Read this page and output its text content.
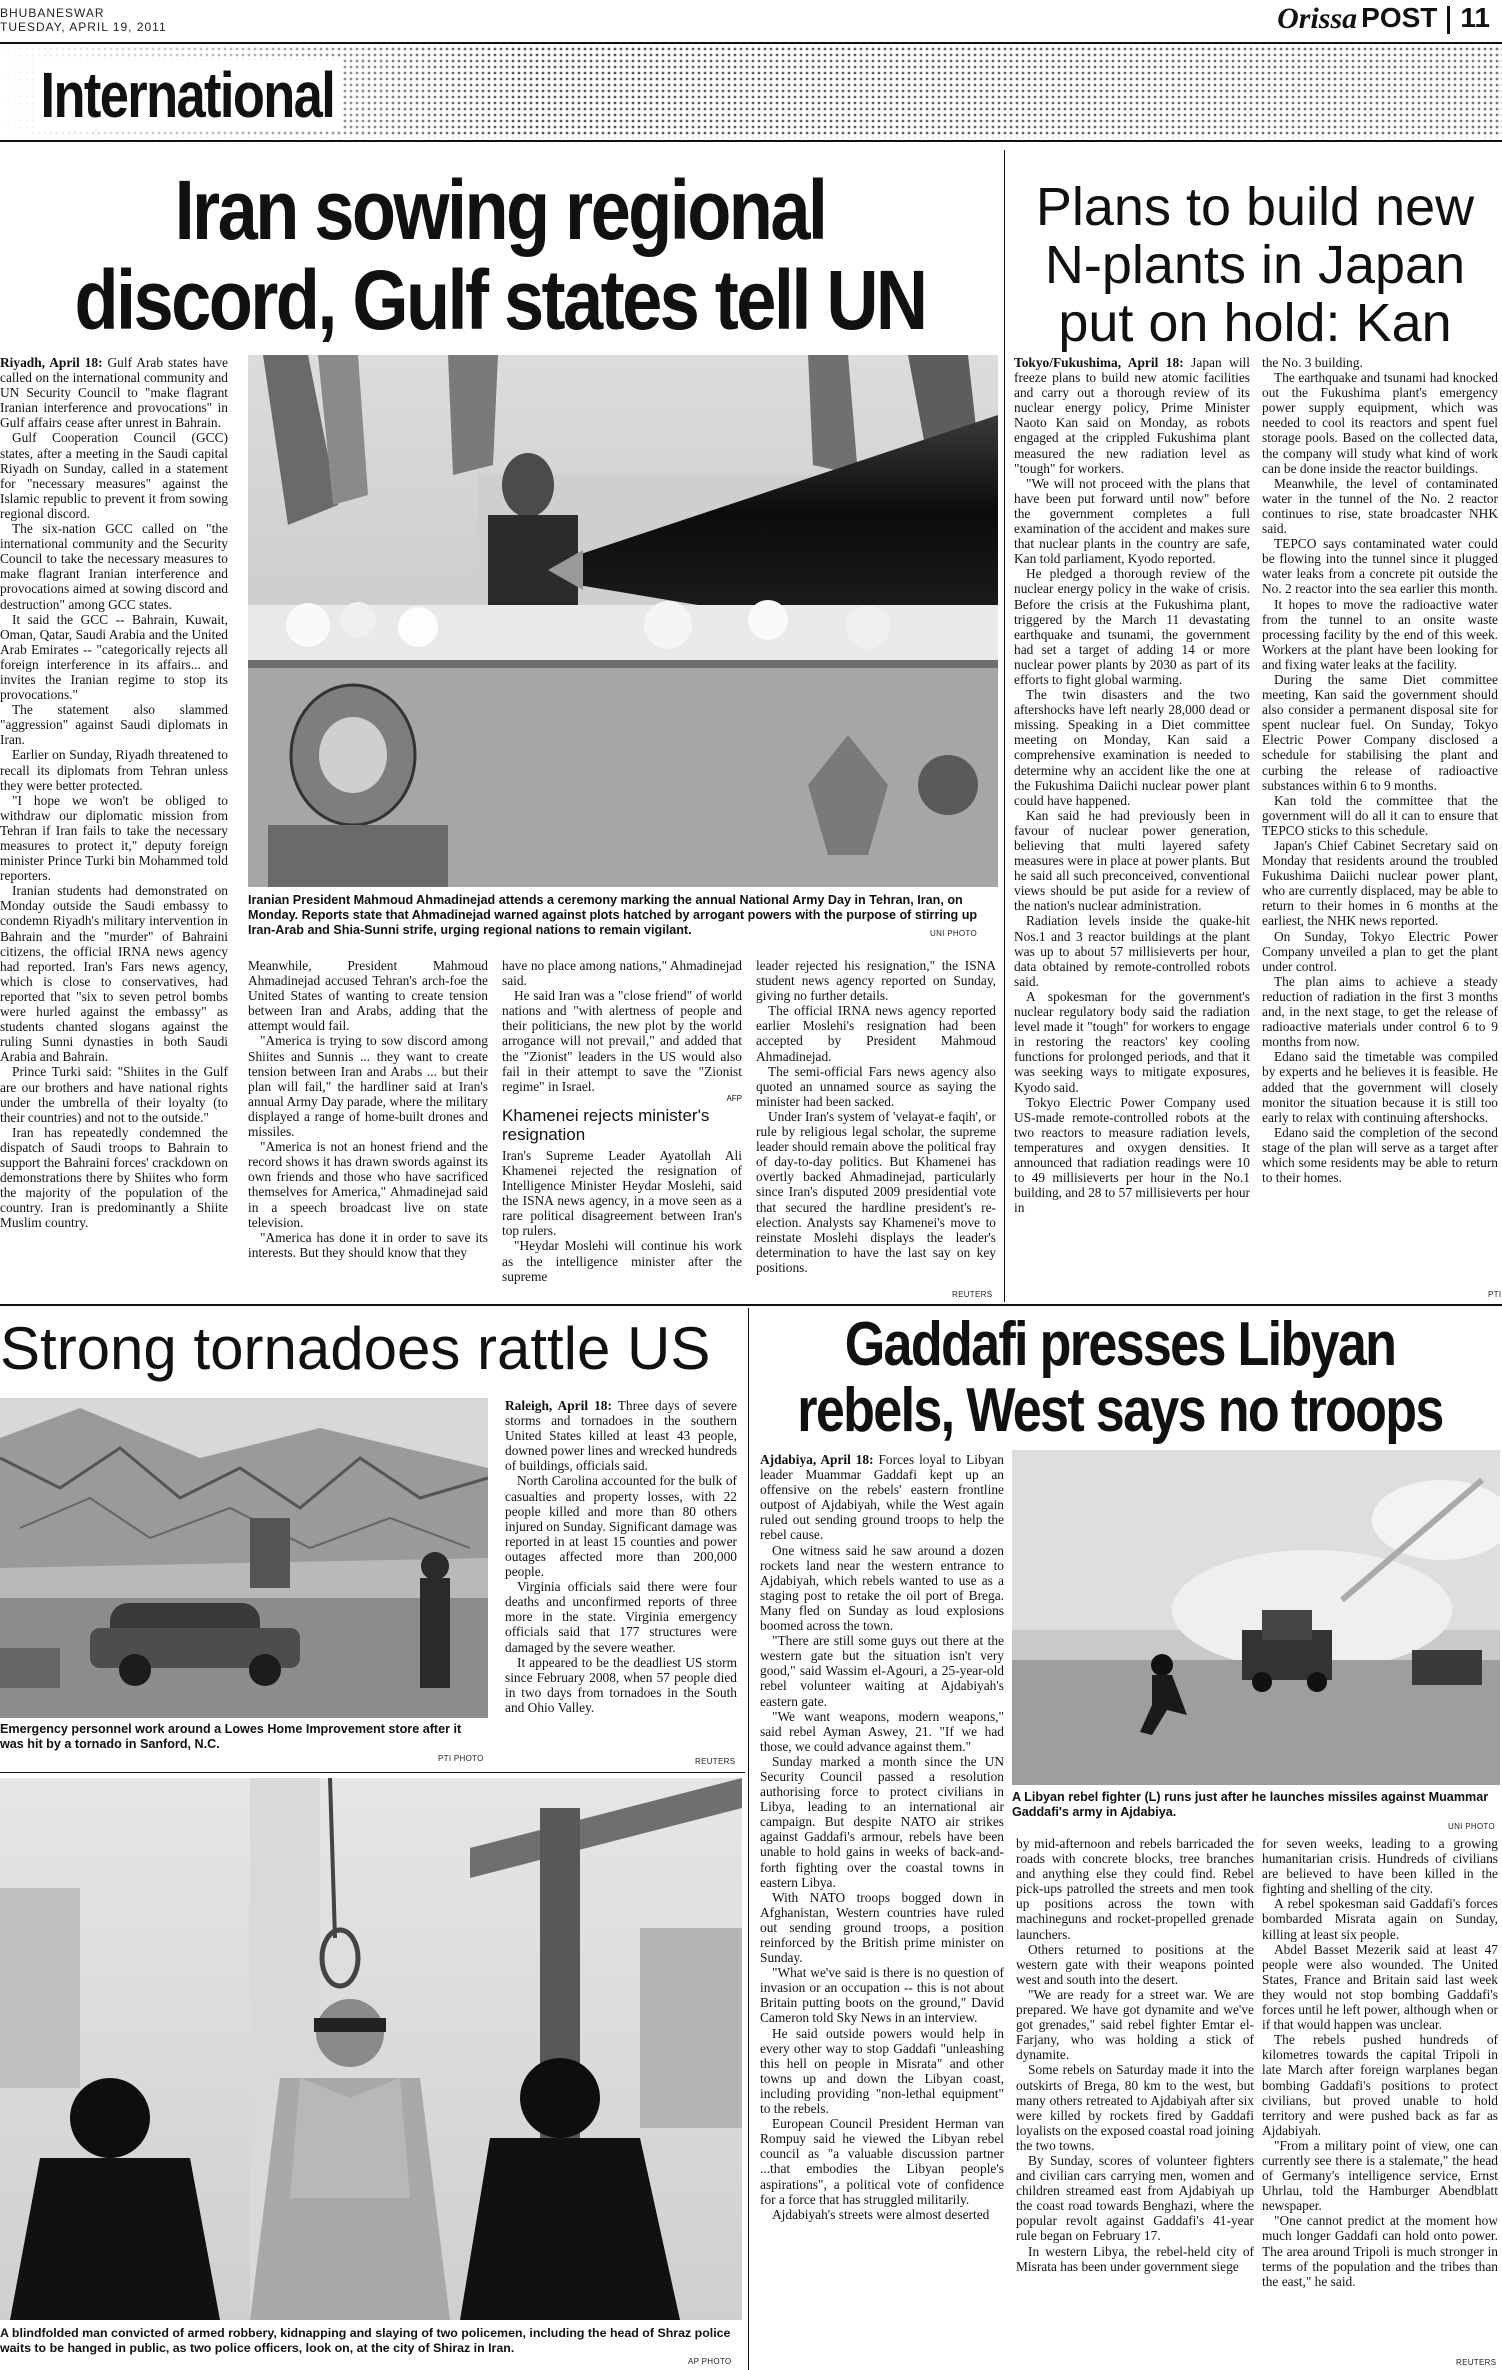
BHUBANESWAR
TUESDAY, APRIL 19, 2011	Orissa POST 11
International
Iran sowing regional
discord, Gulf states tell UN

Riyadh, April 18: Gulf Arab states have called on the international community and UN Security Council to "make flagrant Iranian interference and provocations" in Gulf affairs cease after unrest in Bahrain.

Gulf Cooperation Council (GCC) states, after a meeting in the Saudi capital Riyadh on Sunday, called in a statement for "necessary measures" against the Islamic republic to prevent it from sowing regional discord.

The six-nation GCC called on "the international community and the Security Council to take the necessary measures to make flagrant Iranian interference and provocations aimed at sowing discord and destruction" among GCC states.

It said the GCC -- Bahrain, Kuwait, Oman, Qatar, Saudi Arabia and the United Arab Emirates -- "categorically rejects all foreign interference in its affairs... and invites the Iranian regime to stop its provocations."

The statement also slammed "aggression" against Saudi diplomats in Iran.

Earlier on Sunday, Riyadh threatened to recall its diplomats from Tehran unless they were better protected.

"I hope we won't be obliged to withdraw our diplomatic mission from Tehran if Iran fails to take the necessary measures to protect it," deputy foreign minister Prince Turki bin Mohammed told reporters.

Iranian students had demonstrated on Monday outside the Saudi embassy to condemn Riyadh's military intervention in Bahrain and the "murder" of Bahraini citizens, the official IRNA news agency had reported. Iran's Fars news agency, which is close to conservatives, had reported that "six to seven petrol bombs were hurled against the embassy" as students chanted slogans against the ruling Sunni dynasties in both Saudi Arabia and Bahrain.

Prince Turki said: "Shiites in the Gulf are our brothers and have national rights under the umbrella of their loyalty (to their countries) and not to the outside."

Iran has repeatedly condemned the dispatch of Saudi troops to Bahrain to support the Bahraini forces' crackdown on demonstrations there by Shiites who form the majority of the population of the country. Iran is predominantly a Shiite Muslim country.

Iranian President Mahmoud Ahmadinejad attends a ceremony marking the annual National Army Day in Tehran, Iran, on Monday. Reports state that Ahmadinejad warned against plots hatched by arrogant powers with the purpose of stirring up Iran-Arab and Shia-Sunni strife, urging regional nations to remain vigilant.	UNI PHOTO

Meanwhile, President Mahmoud Ahmadinejad accused Tehran's arch-foe the United States of wanting to create tension between Iran and Arabs, adding that the attempt would fail.

"America is trying to sow discord among Shiites and Sunnis ... they want to create tension between Iran and Arabs ... but their plan will fail," the hardliner said at Iran's annual Army Day parade, where the military displayed a range of home-built drones and missiles.

"America is not an honest friend and the record shows it has drawn swords against its own friends and those who have sacrificed themselves for America," Ahmadinejad said in a speech broadcast live on state television.

"America has done it in order to save its interests. But they should know that they

have no place among nations," Ahmadinejad said.

He said Iran was a "close friend" of world nations and "with alertness of people and their politicians, the new plot by the world arrogance will not prevail," and added that the "Zionist" leaders in the US would also fail in their attempt to save the "Zionist regime" in Israel.

AFP
Khamenei rejects minister's resignation

Iran's Supreme Leader Ayatollah Ali Khamenei rejected the resignation of Intelligence Minister Heydar Moslehi, said the ISNA news agency, in a move seen as a rare political disagreement between Iran's top rulers.

"Heydar Moslehi will continue his work as the intelligence minister after the supreme

leader rejected his resignation," the ISNA student news agency reported on Sunday, giving no further details.

The official IRNA news agency reported earlier Moslehi's resignation had been accepted by President Mahmoud Ahmadinejad.

The semi-official Fars news agency also quoted an unnamed source as saying the minister had been sacked.

Under Iran's system of 'velayat-e faqih', or rule by religious legal scholar, the supreme leader should remain above the political fray of day-to-day politics. But Khamenei has overtly backed Ahmadinejad, particularly since Iran's disputed 2009 presidential vote that secured the hardline president's re-election. Analysts say Khamenei's move to reinstate Moslehi displays the leader's determination to have the last say on key positions.

REUTERS
Plans to build new
N-plants in Japan
put on hold: Kan

Tokyo/Fukushima, April 18: Japan will freeze plans to build new atomic facilities and carry out a thorough review of its nuclear energy policy, Prime Minister Naoto Kan said on Monday, as robots engaged at the crippled Fukushima plant measured the new radiation level as "tough" for workers.

"We will not proceed with the plans that have been put forward until now" before the government completes a full examination of the accident and makes sure that nuclear plants in the country are safe, Kan told parliament, Kyodo reported.

He pledged a thorough review of the nuclear energy policy in the wake of crisis. Before the crisis at the Fukushima plant, triggered by the March 11 devastating earthquake and tsunami, the government had set a target of adding 14 or more nuclear power plants by 2030 as part of its efforts to fight global warming.

The twin disasters and the two aftershocks have left nearly 28,000 dead or missing. Speaking in a Diet committee meeting on Monday, Kan said a comprehensive examination is needed to determine why an accident like the one at the Fukushima Daiichi nuclear power plant could have happened.

Kan said he had previously been in favour of nuclear power generation, believing that multi layered safety measures were in place at power plants. But he said all such preconceived, conventional views should be put aside for a review of the nation's nuclear administration.

Radiation levels inside the quake-hit Nos.1 and 3 reactor buildings at the plant was up to about 57 millisieverts per hour, data obtained by remote-controlled robots said.

A spokesman for the government's nuclear regulatory body said the radiation level made it "tough" for workers to engage in restoring the reactors' key cooling functions for prolonged periods, and that it was seeking ways to mitigate exposures, Kyodo said.

Tokyo Electric Power Company used US-made remote-controlled robots at the two reactors to measure radiation levels, temperatures and oxygen densities. It announced that radiation readings were 10 to 49 millisieverts per hour in the No.1 building, and 28 to 57 millisieverts per hour in

the No. 3 building.

The earthquake and tsunami had knocked out the Fukushima plant's emergency power supply equipment, which was needed to cool its reactors and spent fuel storage pools. Based on the collected data, the company will study what kind of work can be done inside the reactor buildings.

Meanwhile, the level of contaminated water in the tunnel of the No. 2 reactor continues to rise, state broadcaster NHK said.

TEPCO says contaminated water could be flowing into the tunnel since it plugged water leaks from a concrete pit outside the No. 2 reactor into the sea earlier this month.

It hopes to move the radioactive water from the tunnel to an onsite waste processing facility by the end of this week. Workers at the plant have been looking for and fixing water leaks at the facility.

During the same Diet committee meeting, Kan said the government should also consider a permanent disposal site for spent nuclear fuel. On Sunday, Tokyo Electric Power Company disclosed a schedule for stabilising the plant and curbing the release of radioactive substances within 6 to 9 months.

Kan told the committee that the government will do all it can to ensure that TEPCO sticks to this schedule.

Japan's Chief Cabinet Secretary said on Monday that residents around the troubled Fukushima Daiichi nuclear power plant, who are currently displaced, may be able to return to their homes in 6 months at the earliest, the NHK news reported.

On Sunday, Tokyo Electric Power Company unveiled a plan to get the plant under control.

The plan aims to achieve a steady reduction of radiation in the first 3 months and, in the next stage, to get the release of radioactive materials under control 6 to 9 months from now.

Edano said the timetable was compiled by experts and he believes it is feasible. He added that the government will closely monitor the situation because it is still too early to relax with continuing aftershocks.

Edano said the completion of the second stage of the plan will serve as a target after which some residents may be able to return to their homes.

PTI
Strong tornadoes rattle US
Emergency personnel work around a Lowes Home Improvement store after it was hit by a tornado in Sanford, N.C.
PTI PHOTO

Raleigh, April 18: Three days of severe storms and tornadoes in the southern United States killed at least 43 people, downed power lines and wrecked hundreds of buildings, officials said.

North Carolina accounted for the bulk of casualties and property losses, with 22 people killed and more than 80 others injured on Sunday. Significant damage was reported in at least 15 counties and power outages affected more than 200,000 people.

Virginia officials said there were four deaths and unconfirmed reports of three more in the state. Virginia emergency officials said that 177 structures were damaged by the severe weather.

It appeared to be the deadliest US storm since February 2008, when 57 people died in two days from tornadoes in the South and Ohio Valley.

REUTERS
A blindfolded man convicted of armed robbery, kidnapping and slaying of two policemen, including the head of Shraz police waits to be hanged in public, as two police officers, look on, at the city of Shiraz in Iran.
AP PHOTO
Gaddafi presses Libyan
rebels, West says no troops

Ajdabiya, April 18: Forces loyal to Libyan leader Muammar Gaddafi kept up an offensive on the rebels' eastern frontline outpost of Ajdabiyah, while the West again ruled out sending ground troops to help the rebel cause.

One witness said he saw around a dozen rockets land near the western entrance to Ajdabiyah, which rebels wanted to use as a staging post to retake the oil port of Brega. Many fled on Sunday as loud explosions boomed across the town.

"There are still some guys out there at the western gate but the situation isn't very good," said Wassim el-Agouri, a 25-year-old rebel volunteer waiting at Ajdabiyah's eastern gate.

"We want weapons, modern weapons," said rebel Ayman Aswey, 21. "If we had those, we could advance against them."

Sunday marked a month since the UN Security Council passed a resolution authorising force to protect civilians in Libya, leading to an international air campaign. But despite NATO air strikes against Gaddafi's armour, rebels have been unable to hold gains in weeks of back-and-forth fighting over the coastal towns in eastern Libya.

With NATO troops bogged down in Afghanistan, Western countries have ruled out sending ground troops, a position reinforced by the British prime minister on Sunday.

"What we've said is there is no question of invasion or an occupation -- this is not about Britain putting boots on the ground," David Cameron told Sky News in an interview.

He said outside powers would help in every other way to stop Gaddafi "unleashing this hell on people in Misrata" and other towns up and down the Libyan coast, including providing "non-lethal equipment" to the rebels.

European Council President Herman van Rompuy said he viewed the Libyan rebel council as "a valuable discussion partner ...that embodies the Libyan people's aspirations", a political vote of confidence for a force that has struggled militarily.

Ajdabiyah's streets were almost deserted

A Libyan rebel fighter (L) runs just after he launches missiles against Muammar Gaddafi's army in Ajdabiya.
UNI PHOTO

by mid-afternoon and rebels barricaded the roads with concrete blocks, tree branches and anything else they could find. Rebel pick-ups patrolled the streets and men took up positions across the town with machineguns and rocket-propelled grenade launchers.

Others returned to positions at the western gate with their weapons pointed west and south into the desert.

"We are ready for a street war. We are prepared. We have got dynamite and we've got grenades," said rebel fighter Emtar el-Farjany, who was holding a stick of dynamite.

Some rebels on Saturday made it into the outskirts of Brega, 80 km to the west, but many others retreated to Ajdabiyah after six were killed by rockets fired by Gaddafi loyalists on the exposed coastal road joining the two towns.

By Sunday, scores of volunteer fighters and civilian cars carrying men, women and children streamed east from Ajdabiyah up the coast road towards Benghazi, where the popular revolt against Gaddafi's 41-year rule began on February 17.

In western Libya, the rebel-held city of Misrata has been under government siege

for seven weeks, leading to a growing humanitarian crisis. Hundreds of civilians are believed to have been killed in the fighting and shelling of the city.

A rebel spokesman said Gaddafi's forces bombarded Misrata again on Sunday, killing at least six people.

Abdel Basset Mezerik said at least 47 people were also wounded. The United States, France and Britain said last week they would not stop bombing Gaddafi's forces until he left power, although when or if that would happen was unclear.

The rebels pushed hundreds of kilometres towards the capital Tripoli in late March after foreign warplanes began bombing Gaddafi's positions to protect civilians, but proved unable to hold territory and were pushed back as far as Ajdabiyah.

"From a military point of view, one can currently see there is a stalemate," the head of Germany's intelligence service, Ernst Uhrlau, told the Hamburger Abendblatt newspaper.

"One cannot predict at the moment how much longer Gaddafi can hold onto power. The area around Tripoli is much stronger in terms of the population and the tribes than the east," he said.

REUTERS
